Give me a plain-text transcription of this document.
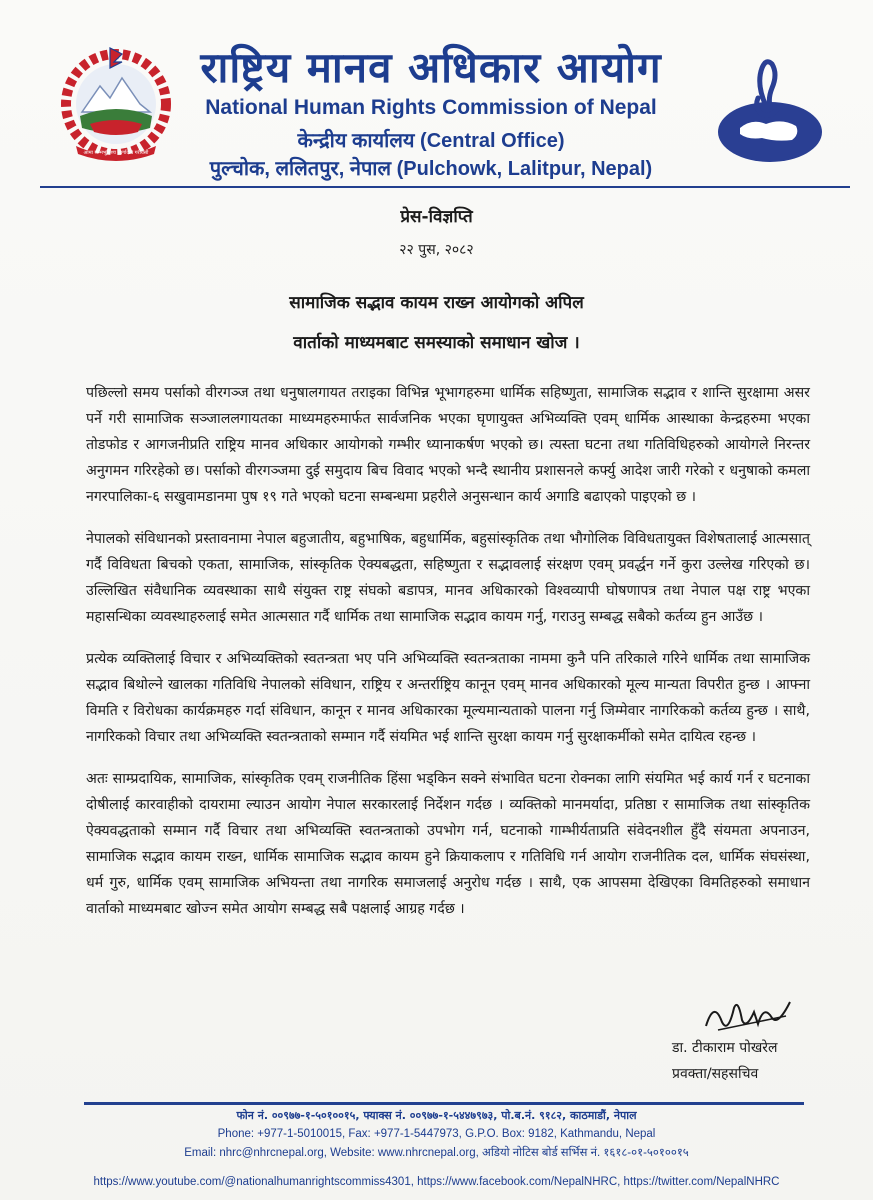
आमा जन्मभूमिश्च स्वर्गादपि गरीयसी
राष्ट्रिय मानव अधिकार आयोग
National Human Rights Commission of Nepal
केन्द्रीय कार्यालय (Central Office)
पुल्चोक, ललितपुर, नेपाल (Pulchowk, Lalitpur, Nepal)
प्रेस-विज्ञप्ति
२२ पुस, २०८२
सामाजिक सद्भाव कायम राख्न आयोगको अपिल
वार्ताको माध्यमबाट समस्याको समाधान खोज ।

पछिल्लो समय पर्साको वीरगञ्ज तथा धनुषालगायत तराइका विभिन्न भूभागहरुमा धार्मिक सहिष्णुता, सामाजिक सद्भाव र शान्ति सुरक्षामा असर पर्ने गरी सामाजिक सञ्जाललगायतका माध्यमहरुमार्फत सार्वजनिक भएका घृणायुक्त अभिव्यक्ति एवम् धार्मिक आस्थाका केन्द्रहरुमा भएका तोडफोड र आगजनीप्रति राष्ट्रिय मानव अधिकार आयोगको गम्भीर ध्यानाकर्षण भएको छ। त्यस्ता घटना तथा गतिविधिहरुको आयोगले निरन्तर अनुगमन गरिरहेको छ। पर्साको वीरगञ्जमा दुई समुदाय बिच विवाद भएको भन्दै स्थानीय प्रशासनले कर्फ्यु आदेश जारी गरेको र धनुषाको कमला नगरपालिका-६ सखुवामडानमा पुष १९ गते भएको घटना सम्बन्धमा प्रहरीले अनुसन्धान कार्य अगाडि बढाएको पाइएको छ ।

नेपालको संविधानको प्रस्तावनामा नेपाल बहुजातीय, बहुभाषिक, बहुधार्मिक, बहुसांस्कृतिक तथा भौगोलिक विविधतायुक्त विशेषतालाई आत्मसात् गर्दै विविधता बिचको एकता, सामाजिक, सांस्कृतिक ऐक्यबद्धता, सहिष्णुता र सद्भावलाई संरक्षण एवम् प्रवर्द्धन गर्ने कुरा उल्लेख गरिएको छ। उल्लिखित संवैधानिक व्यवस्थाका साथै संयुक्त राष्ट्र संघको बडापत्र, मानव अधिकारको विश्वव्यापी घोषणापत्र तथा नेपाल पक्ष राष्ट्र भएका महासन्धिका व्यवस्थाहरुलाई समेत आत्मसात गर्दै धार्मिक तथा सामाजिक सद्भाव कायम गर्नु, गराउनु सम्बद्ध सबैको कर्तव्य हुन आउँछ ।

प्रत्येक व्यक्तिलाई विचार र अभिव्यक्तिको स्वतन्त्रता भए पनि अभिव्यक्ति स्वतन्त्रताका नाममा कुनै पनि तरिकाले गरिने धार्मिक तथा सामाजिक सद्भाव बिथोल्ने खालका गतिविधि नेपालको संविधान, राष्ट्रिय र अन्तर्राष्ट्रिय कानून एवम् मानव अधिकारको मूल्य मान्यता विपरीत हुन्छ । आफ्ना विमति र विरोधका कार्यक्रमहरु गर्दा संविधान, कानून र मानव अधिकारका मूल्यमान्यताको पालना गर्नु जिम्मेवार नागरिकको कर्तव्य हुन्छ । साथै, नागरिकको विचार तथा अभिव्यक्ति स्वतन्त्रताको सम्मान गर्दै संयमित भई शान्ति सुरक्षा कायम गर्नु सुरक्षाकर्मीको समेत दायित्व रहन्छ ।

अतः साम्प्रदायिक, सामाजिक, सांस्कृतिक एवम् राजनीतिक हिंसा भड्किन सक्ने संभावित घटना रोक्नका लागि संयमित भई कार्य गर्न र घटनाका दोषीलाई कारवाहीको दायरामा ल्याउन आयोग नेपाल सरकारलाई निर्देशन गर्दछ । व्यक्तिको मानमर्यादा, प्रतिष्ठा र सामाजिक तथा सांस्कृतिक ऐक्यवद्धताको सम्मान गर्दै विचार तथा अभिव्यक्ति स्वतन्त्रताको उपभोग गर्न, घटनाको गाम्भीर्यताप्रति संवेदनशील हुँदै संयमता अपनाउन, सामाजिक सद्भाव कायम राख्न, धार्मिक सामाजिक सद्भाव कायम हुने क्रियाकलाप र गतिविधि गर्न आयोग राजनीतिक दल, धार्मिक संघसंस्था, धर्म गुरु, धार्मिक एवम् सामाजिक अभियन्ता तथा नागरिक समाजलाई अनुरोध गर्दछ । साथै, एक आपसमा देखिएका विमतिहरुको समाधान वार्ताको माध्यमबाट खोज्न समेत आयोग सम्बद्ध सबै पक्षलाई आग्रह गर्दछ ।

डा. टीकाराम पोखरेल
प्रवक्ता/सहसचिव
फोन नं. ००९७७-१-५०१००१५, फ्याक्स नं. ००९७७-१-५४४७९७३, पो.ब.नं. ९१८२, काठमाडौं, नेपाल
Phone: +977-1-5010015, Fax: +977-1-5447973, G.P.O. Box: 9182, Kathmandu, Nepal
Email: nhrc@nhrcnepal.org, Website: www.nhrcnepal.org, अडियो नोटिस बोर्ड सर्भिस नं. १६१८-०१-५०१००१५
https://www.youtube.com/@nationalhumanrightscommiss4301, https://www.facebook.com/NepalNHRC, https://twitter.com/NepalNHRC
